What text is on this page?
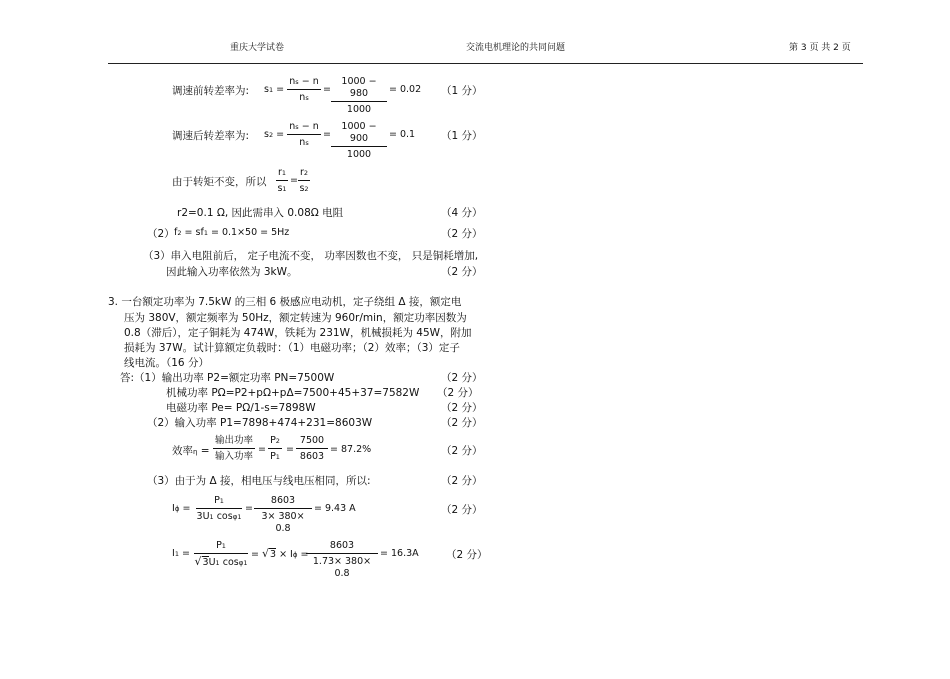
重庆大学试卷	交流电机理论的共同问题	第 3 页 共 2 页
调速前转差率为: s1 =
ns − n
ns
=
1000 − 980
1000
= 0.02 （1 分）
调速后转差率为: s2 =
ns − n
ns
=
1000 − 900
1000
= 0.1 （1 分）
由于转矩不变，所以
r1
s1
=
r2
s2
r2=0.1 Ω, 因此需串入 0.08Ω 电阻	（4 分）
（2） f2 = sf1 = 0.1×50 = 5Hz	（2 分）
（3）串入电阻前后， 定子电流不变， 功率因数也不变， 只是铜耗增加,
因此输入功率依然为 3kW。	（2 分）
3. 一台额定功率为 7.5kW 的三相 6 极感应电动机，定子绕组 Δ 接，额定电
压为 380V，额定频率为 50Hz，额定转速为 960r/min，额定功率因数为
0.8（滞后），定子铜耗为 474W，铁耗为 231W，机械损耗为 45W，附加
损耗为 37W。试计算额定负载时：（1）电磁功率；（2）效率；（3）定子
线电流。（16 分）
答:（1）输出功率 P2=额定功率 PN=7500W	（2 分）
机械功率 PΩ=P2+pΩ+pΔ=7500+45+37=7582W （2 分）
电磁功率 Pe= PΩ/1-s=7898W	（2 分）
（2）输入功率 P1=7898+474+231=8603W	（2 分）
效率η =
输出功率
输入功率
=
P2
P1
=
7500
8603
= 87.2%	（2 分）
（3）由于为 Δ 接，相电压与线电压相同，所以:	（2 分）
Iϕ =
P1
3U1 cosφ1
=
8603
3× 380× 0.8
= 9.43 A	（2 分）
I1 =
P1
√3U1 cosφ1
= √3 × Iϕ =
8603
1.73× 380× 0.8
= 16.3A	（2 分）
